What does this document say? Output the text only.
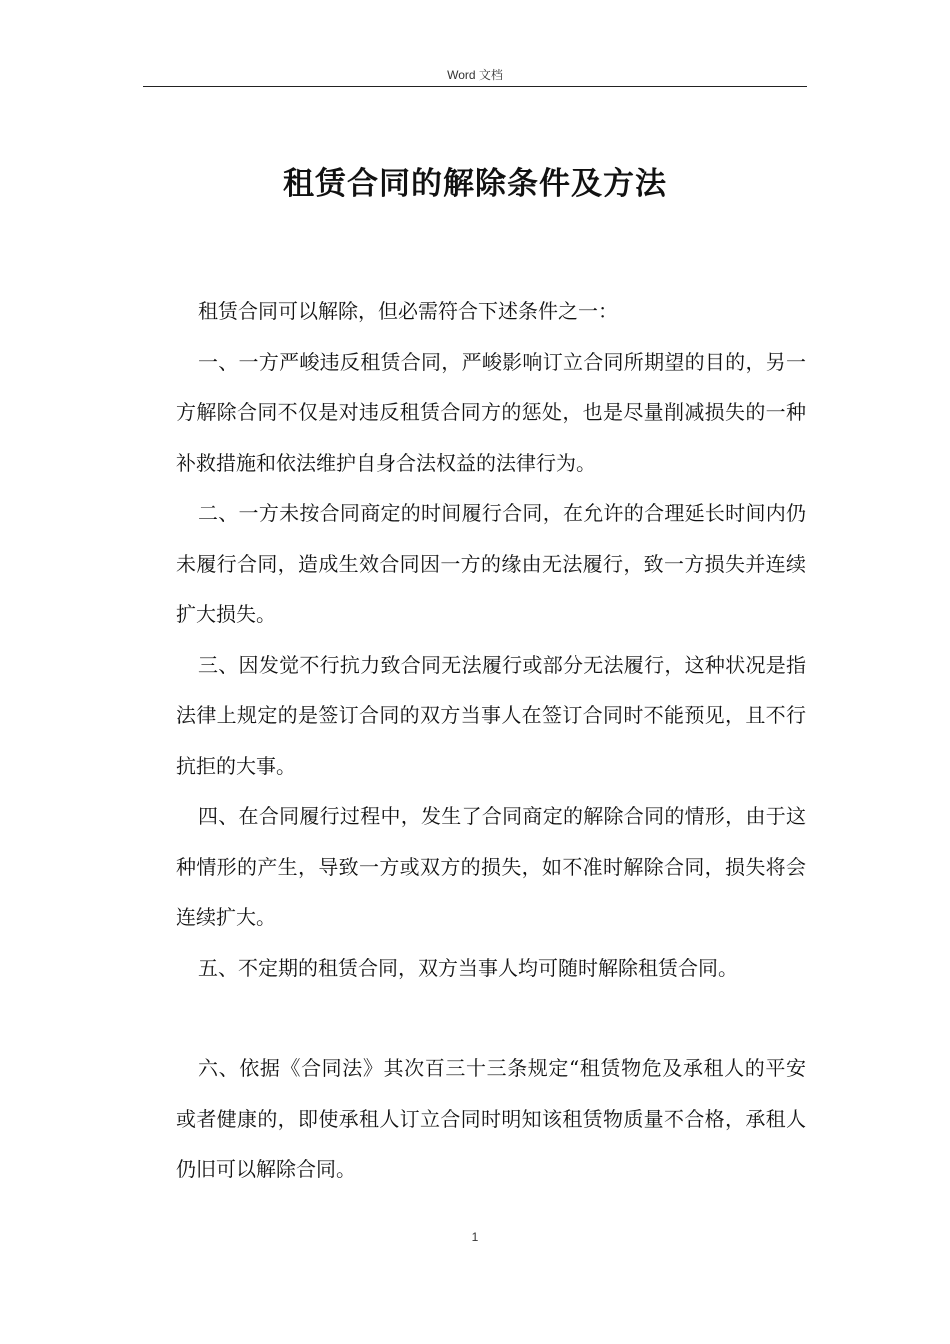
Word 文档
租赁合同的解除条件及方法

租赁合同可以解除，但必需符合下述条件之一：

一、一方严峻违反租赁合同，严峻影响订立合同所期望的目的，另一方解除合同不仅是对违反租赁合同方的惩处，也是尽量削减损失的一种补救措施和依法维护自身合法权益的法律行为。

二、一方未按合同商定的时间履行合同，在允许的合理延长时间内仍未履行合同，造成生效合同因一方的缘由无法履行，致一方损失并连续扩大损失。

三、因发觉不行抗力致合同无法履行或部分无法履行，这种状况是指法律上规定的是签订合同的双方当事人在签订合同时不能预见，且不行抗拒的大事。

四、在合同履行过程中，发生了合同商定的解除合同的情形，由于这种情形的产生，导致一方或双方的损失，如不准时解除合同，损失将会连续扩大。

五、不定期的租赁合同，双方当事人均可随时解除租赁合同。

六、依据《合同法》其次百三十三条规定“租赁物危及承租人的平安或者健康的，即使承租人订立合同时明知该租赁物质量不合格，承租人仍旧可以解除合同。

1
